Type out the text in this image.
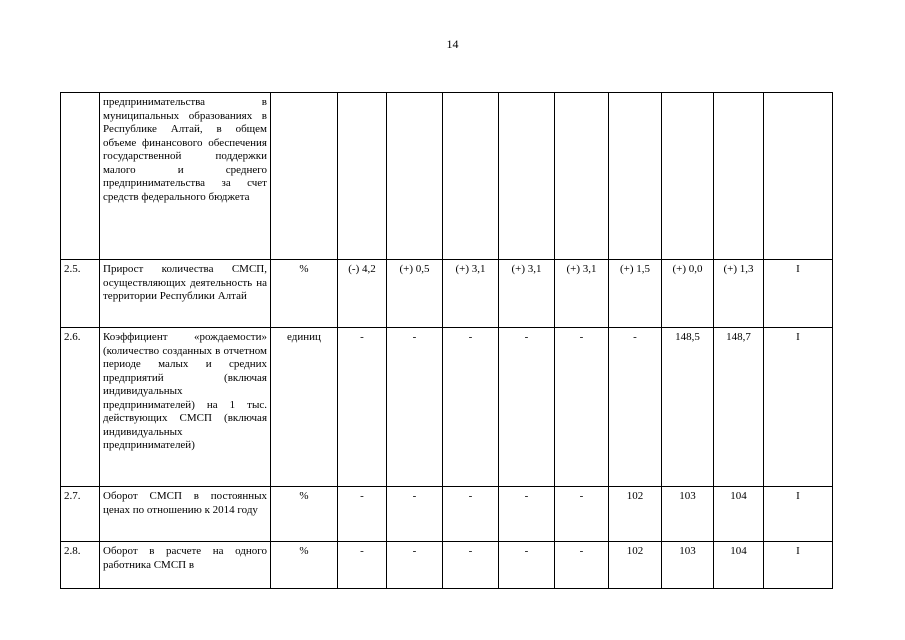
14
	предпринимательства в муниципальных образованиях в Республике Алтай, в общем объеме финансового обеспечения государственной поддержки малого и среднего предпринимательства за счет средств федерального бюджета										
2.5.	Прирост количества СМСП, осуществляющих деятельность на территории Республики Алтай	%	(-) 4,2	(+) 0,5	(+) 3,1	(+) 3,1	(+) 3,1	(+) 1,5	(+) 0,0	(+) 1,3	I
2.6.	Коэффициент «рождаемости» (количество созданных в отчетном периоде малых и средних предприятий (включая индивидуальных предпринимателей) на 1 тыс. действующих СМСП (включая индивидуальных предпринимателей)	единиц	-	-	-	-	-	-	148,5	148,7	I
2.7.	Оборот СМСП в постоянных ценах по отношению к 2014 году	%	-	-	-	-	-	102	103	104	I
2.8.	Оборот в расчете на одного работника СМСП в	%	-	-	-	-	-	102	103	104	I
